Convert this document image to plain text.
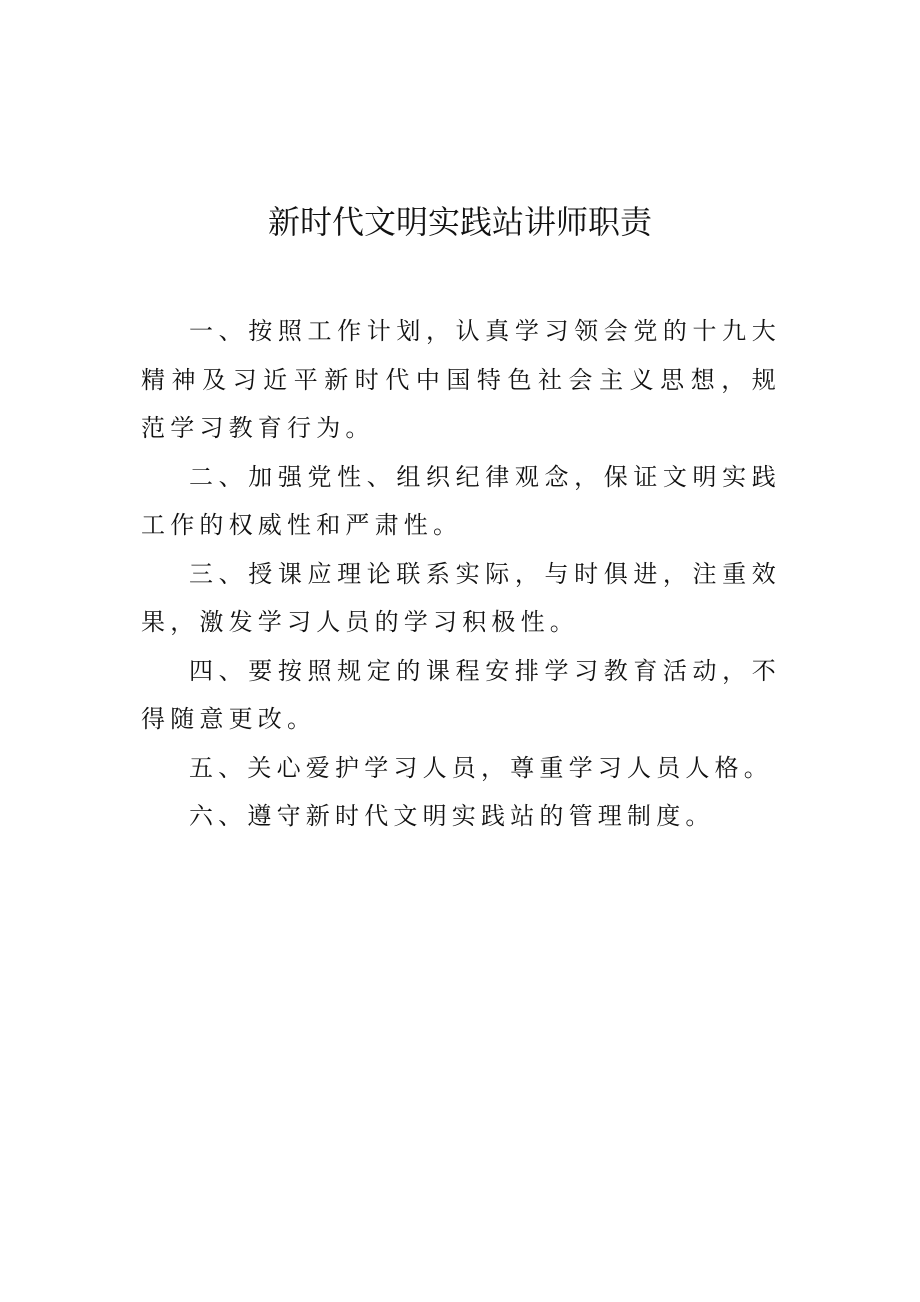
新时代文明实践站讲师职责

一、按照工作计划，认真学习领会党的十九大精神及习近平新时代中国特色社会主义思想，规范学习教育行为。

二、加强党性、组织纪律观念，保证文明实践工作的权威性和严肃性。

三、授课应理论联系实际，与时俱进，注重效果，激发学习人员的学习积极性。

四、要按照规定的课程安排学习教育活动，不得随意更改。

五、关心爱护学习人员，尊重学习人员人格。

六、遵守新时代文明实践站的管理制度。
